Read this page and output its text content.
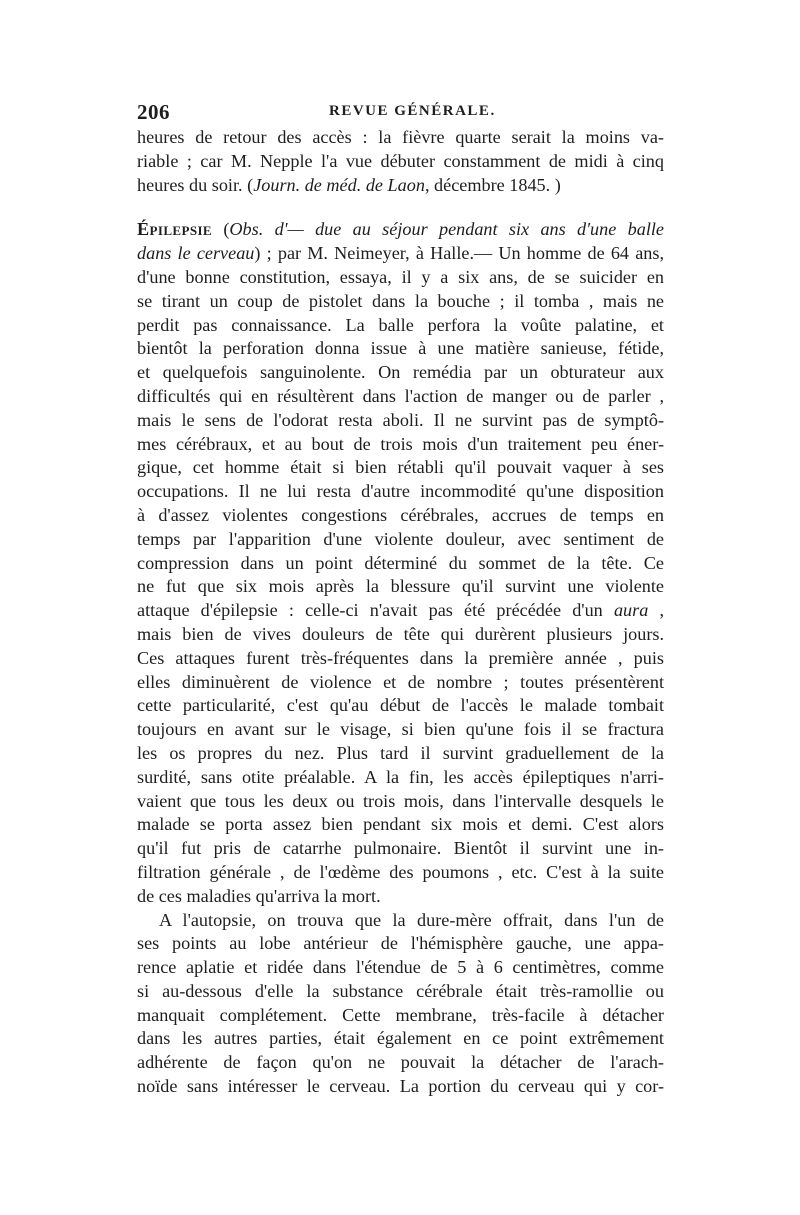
206	REVUE GÉNÉRALE.
heures de retour des accès : la fièvre quarte serait la moins va-
riable ; car M. Nepple l'a vue débuter constamment de midi à cinq
heures du soir. (Journ. de méd. de Laon, décembre 1845. )
Épilepsie (Obs. d'— due au séjour pendant six ans d'une balle
dans le cerveau) ; par M. Neimeyer, à Halle.— Un homme de 64 ans,
d'une bonne constitution, essaya, il y a six ans, de se suicider en
se tirant un coup de pistolet dans la bouche ; il tomba , mais ne
perdit pas connaissance. La balle perfora la voûte palatine, et
bientôt la perforation donna issue à une matière sanieuse, fétide,
et quelquefois sanguinolente. On remédia par un obturateur aux
difficultés qui en résultèrent dans l'action de manger ou de parler ,
mais le sens de l'odorat resta aboli. Il ne survint pas de symptô-
mes cérébraux, et au bout de trois mois d'un traitement peu éner-
gique, cet homme était si bien rétabli qu'il pouvait vaquer à ses
occupations. Il ne lui resta d'autre incommodité qu'une disposition
à d'assez violentes congestions cérébrales, accrues de temps en
temps par l'apparition d'une violente douleur, avec sentiment de
compression dans un point déterminé du sommet de la tête. Ce
ne fut que six mois après la blessure qu'il survint une violente
attaque d'épilepsie : celle-ci n'avait pas été précédée d'un aura ,
mais bien de vives douleurs de tête qui durèrent plusieurs jours.
Ces attaques furent très-fréquentes dans la première année , puis
elles diminuèrent de violence et de nombre ; toutes présentèrent
cette particularité, c'est qu'au début de l'accès le malade tombait
toujours en avant sur le visage, si bien qu'une fois il se fractura
les os propres du nez. Plus tard il survint graduellement de la
surdité, sans otite préalable. A la fin, les accès épileptiques n'arri-
vaient que tous les deux ou trois mois, dans l'intervalle desquels le
malade se porta assez bien pendant six mois et demi. C'est alors
qu'il fut pris de catarrhe pulmonaire. Bientôt il survint une in-
filtration générale , de l'œdème des poumons , etc. C'est à la suite
de ces maladies qu'arriva la mort.
A l'autopsie, on trouva que la dure-mère offrait, dans l'un de
ses points au lobe antérieur de l'hémisphère gauche, une appa-
rence aplatie et ridée dans l'étendue de 5 à 6 centimètres, comme
si au-dessous d'elle la substance cérébrale était très-ramollie ou
manquait complétement. Cette membrane, très-facile à détacher
dans les autres parties, était également en ce point extrêmement
adhérente de façon qu'on ne pouvait la détacher de l'arach-
noïde sans intéresser le cerveau. La portion du cerveau qui y cor-
